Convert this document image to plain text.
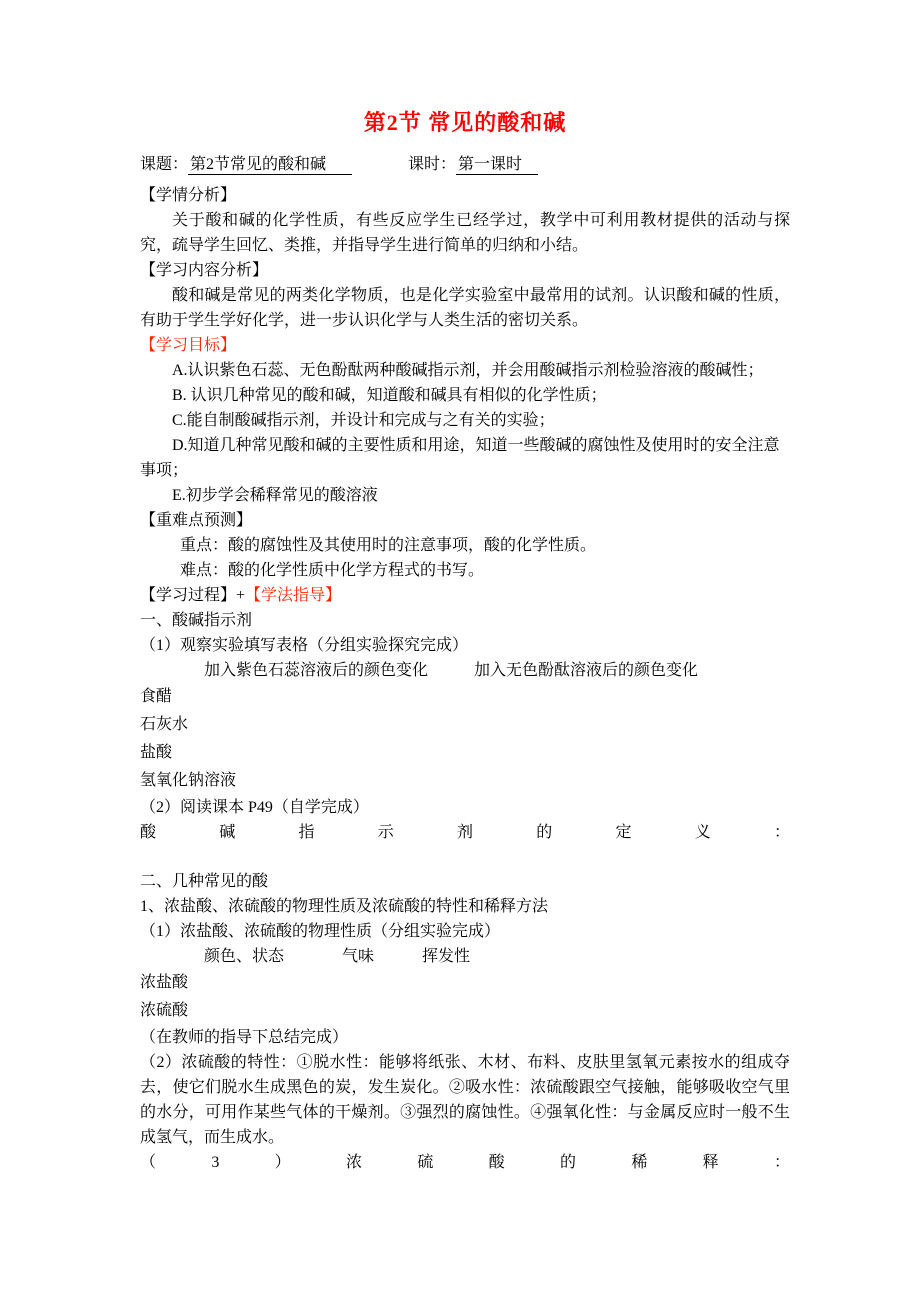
第2节 常见的酸和碱
课题： 第2节常见的酸和碱	课时： 第一课时
【学情分析】

关于酸和碱的化学性质，有些反应学生已经学过，教学中可利用教材提供的活动与探究，疏导学生回忆、类推，并指导学生进行简单的归纳和小结。

【学习内容分析】

酸和碱是常见的两类化学物质，也是化学实验室中最常用的试剂。认识酸和碱的性质，有助于学生学好化学，进一步认识化学与人类生活的密切关系。

【学习目标】

A.认识紫色石蕊、无色酚酞两种酸碱指示剂，并会用酸碱指示剂检验溶液的酸碱性；

B. 认识几种常见的酸和碱，知道酸和碱具有相似的化学性质；

C.能自制酸碱指示剂，并设计和完成与之有关的实验；

D.知道几种常见酸和碱的主要性质和用途，知道一些酸碱的腐蚀性及使用时的安全注意事项；

E.初步学会稀释常见的酸溶液

【重难点预测】

重点：酸的腐蚀性及其使用时的注意事项，酸的化学性质。

难点：酸的化学性质中化学方程式的书写。

【学习过程】+【学法指导】
一、酸碱指示剂
（1）观察实验填写表格（分组实验探究完成）
加入紫色石蕊溶液后的颜色变化	加入无色酚酞溶液后的颜色变化
食醋
石灰水
盐酸
氢氧化钠溶液
（2）阅读课本 P49（自学完成）
酸碱指示剂的定义：
二、几种常见的酸
1、浓盐酸、浓硫酸的物理性质及浓硫酸的特性和稀释方法
（1）浓盐酸、浓硫酸的物理性质（分组实验完成）
颜色、状态	气味	挥发性
浓盐酸
浓硫酸
（在教师的指导下总结完成）

（2）浓硫酸的特性：①脱水性：能够将纸张、木材、布料、皮肤里氢氧元素按水的组成夺去，使它们脱水生成黑色的炭，发生炭化。②吸水性：浓硫酸跟空气接触，能够吸收空气里的水分，可用作某些气体的干燥剂。③强烈的腐蚀性。④强氧化性：与金属反应时一般不生成氢气，而生成水。

（3）浓硫酸的稀释：
